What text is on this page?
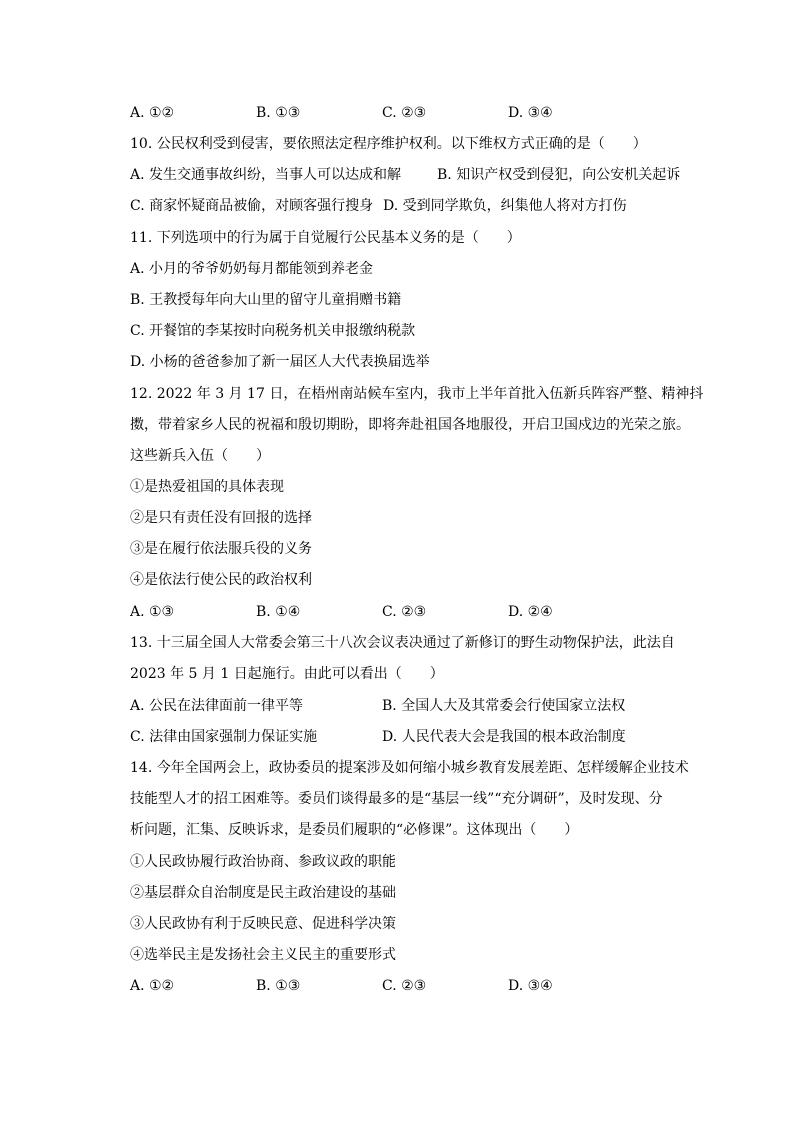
A. ①②	B. ①③	C. ②③	D. ③④
10. 公民权利受到侵害，要依照法定程序维护权利。以下维权方式正确的是（　　）
A. 发生交通事故纠纷，当事人可以达成和解	B. 知识产权受到侵犯，向公安机关起诉
C. 商家怀疑商品被偷，对顾客强行搜身 D. 受到同学欺负，纠集他人将对方打伤
11. 下列选项中的行为属于自觉履行公民基本义务的是（　　）
A. 小月的爷爷奶奶每月都能领到养老金
B. 王教授每年向大山里的留守儿童捐赠书籍
C. 开餐馆的李某按时向税务机关申报缴纳税款
D. 小杨的爸爸参加了新一届区人大代表换届选举
12. 2022 年 3 月 17 日，在梧州南站候车室内，我市上半年首批入伍新兵阵容严整、精神抖
擞，带着家乡人民的祝福和殷切期盼，即将奔赴祖国各地服役，开启卫国戍边的光荣之旅。
这些新兵入伍（　　）
①是热爱祖国的具体表现
②是只有责任没有回报的选择
③是在履行依法服兵役的义务
④是依法行使公民的政治权利
A. ①③	B. ①④	C. ②③	D. ②④
13. 十三届全国人大常委会第三十八次会议表决通过了新修订的野生动物保护法，此法自
2023 年 5 月 1 日起施行。由此可以看出（　　）
A. 公民在法律面前一律平等	B. 全国人大及其常委会行使国家立法权
C. 法律由国家强制力保证实施	D. 人民代表大会是我国的根本政治制度
14. 今年全国两会上，政协委员的提案涉及如何缩小城乡教育发展差距、怎样缓解企业技术
技能型人才的招工困难等。委员们谈得最多的是“基层一线”“充分调研”，及时发现、分
析问题，汇集、反映诉求，是委员们履职的“必修课”。这体现出（　　）
①人民政协履行政治协商、参政议政的职能
②基层群众自治制度是民主政治建设的基础
③人民政协有利于反映民意、促进科学决策
④选举民主是发扬社会主义民主的重要形式
A. ①②	B. ①③	C. ②③	D. ③④
